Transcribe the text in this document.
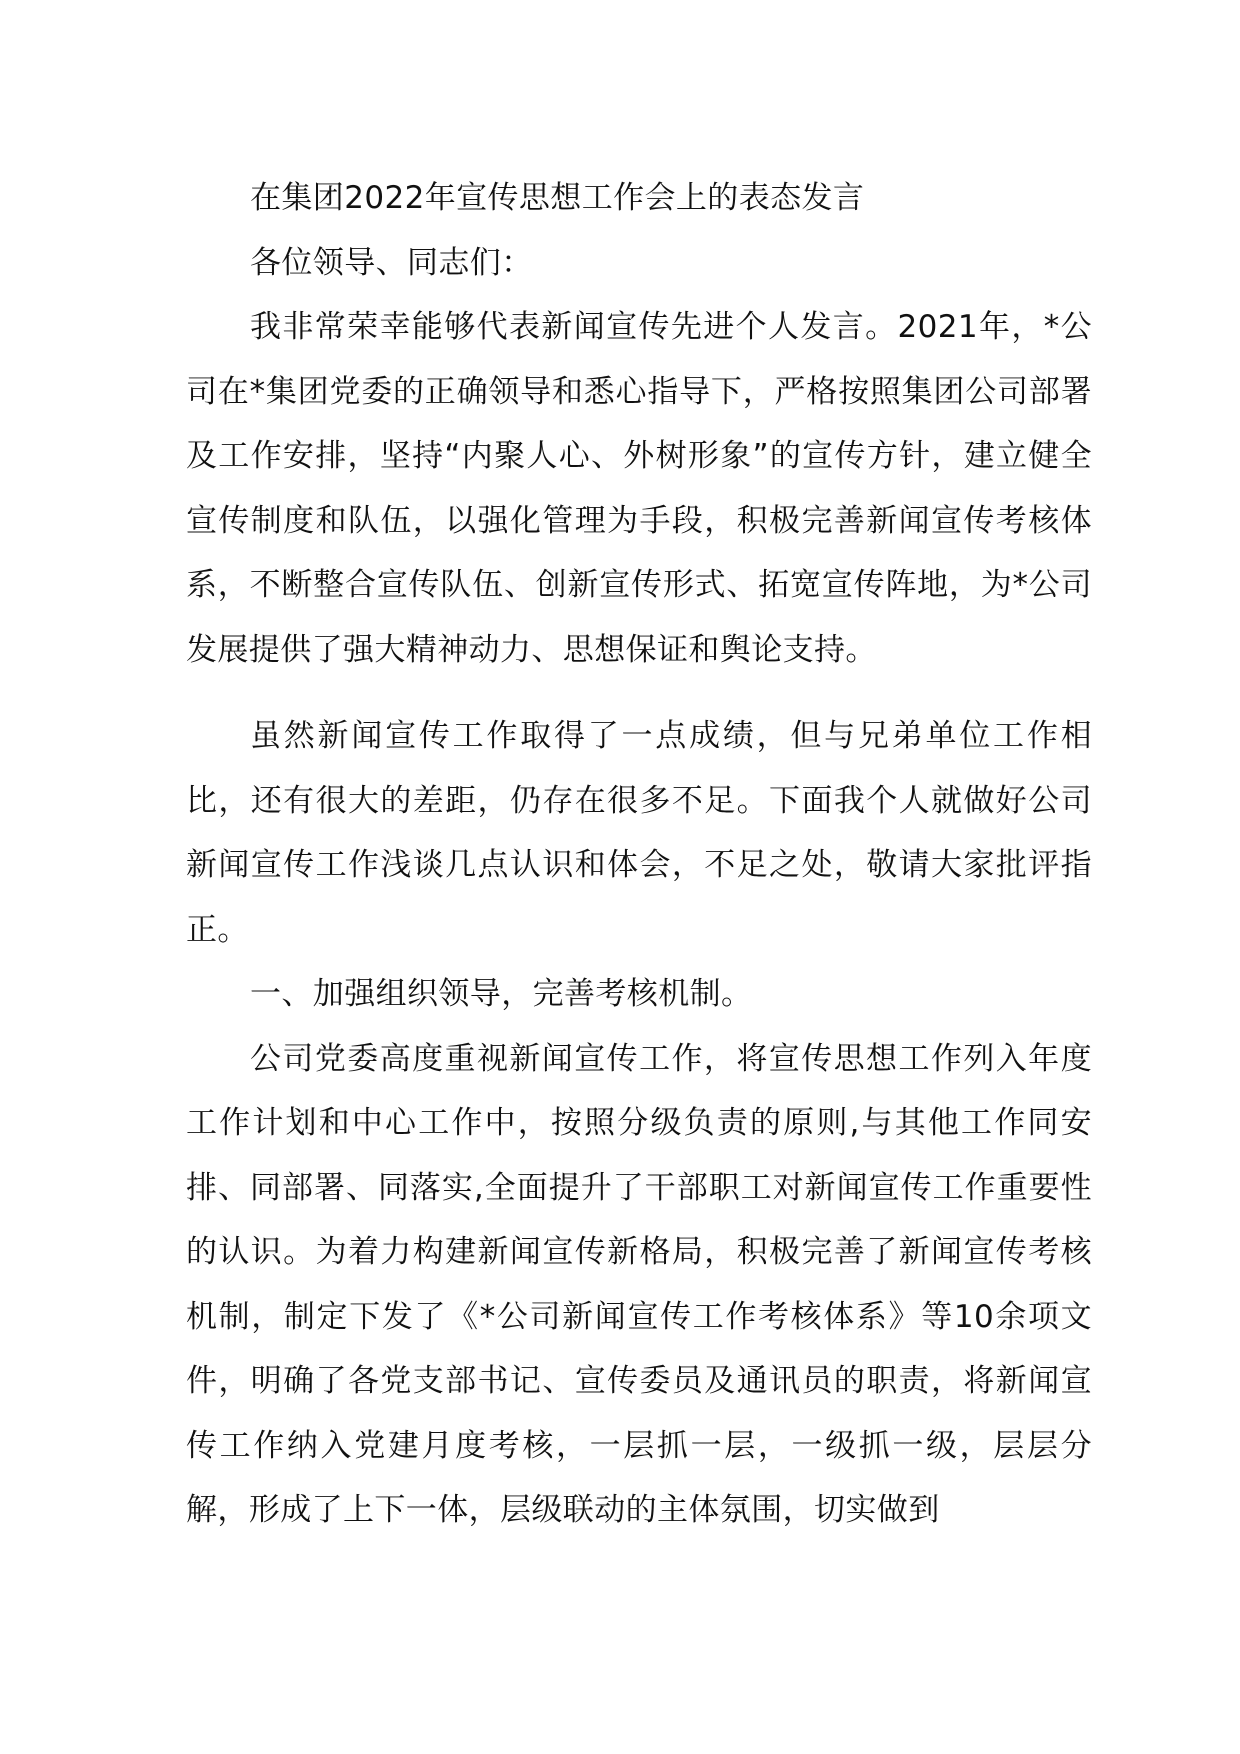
在集团2022年宣传思想工作会上的表态发言

各位领导、同志们：

我非常荣幸能够代表新闻宣传先进个人发言。2021年，*公司在*集团党委的正确领导和悉心指导下，严格按照集团公司部署及工作安排，坚持“内聚人心、外树形象”的宣传方针，建立健全宣传制度和队伍，以强化管理为手段，积极完善新闻宣传考核体系，不断整合宣传队伍、创新宣传形式、拓宽宣传阵地，为*公司发展提供了强大精神动力、思想保证和舆论支持。

虽然新闻宣传工作取得了一点成绩，但与兄弟单位工作相比，还有很大的差距，仍存在很多不足。下面我个人就做好公司新闻宣传工作浅谈几点认识和体会，不足之处，敬请大家批评指正。

一、加强组织领导，完善考核机制。

公司党委高度重视新闻宣传工作，将宣传思想工作列入年度工作计划和中心工作中，按照分级负责的原则,与其他工作同安排、同部署、同落实,全面提升了干部职工对新闻宣传工作重要性的认识。为着力构建新闻宣传新格局，积极完善了新闻宣传考核机制，制定下发了《*公司新闻宣传工作考核体系》等10余项文件，明确了各党支部书记、宣传委员及通讯员的职责，将新闻宣传工作纳入党建月度考核，一层抓一层，一级抓一级，层层分解，形成了上下一体，层级联动的主体氛围，切实做到
